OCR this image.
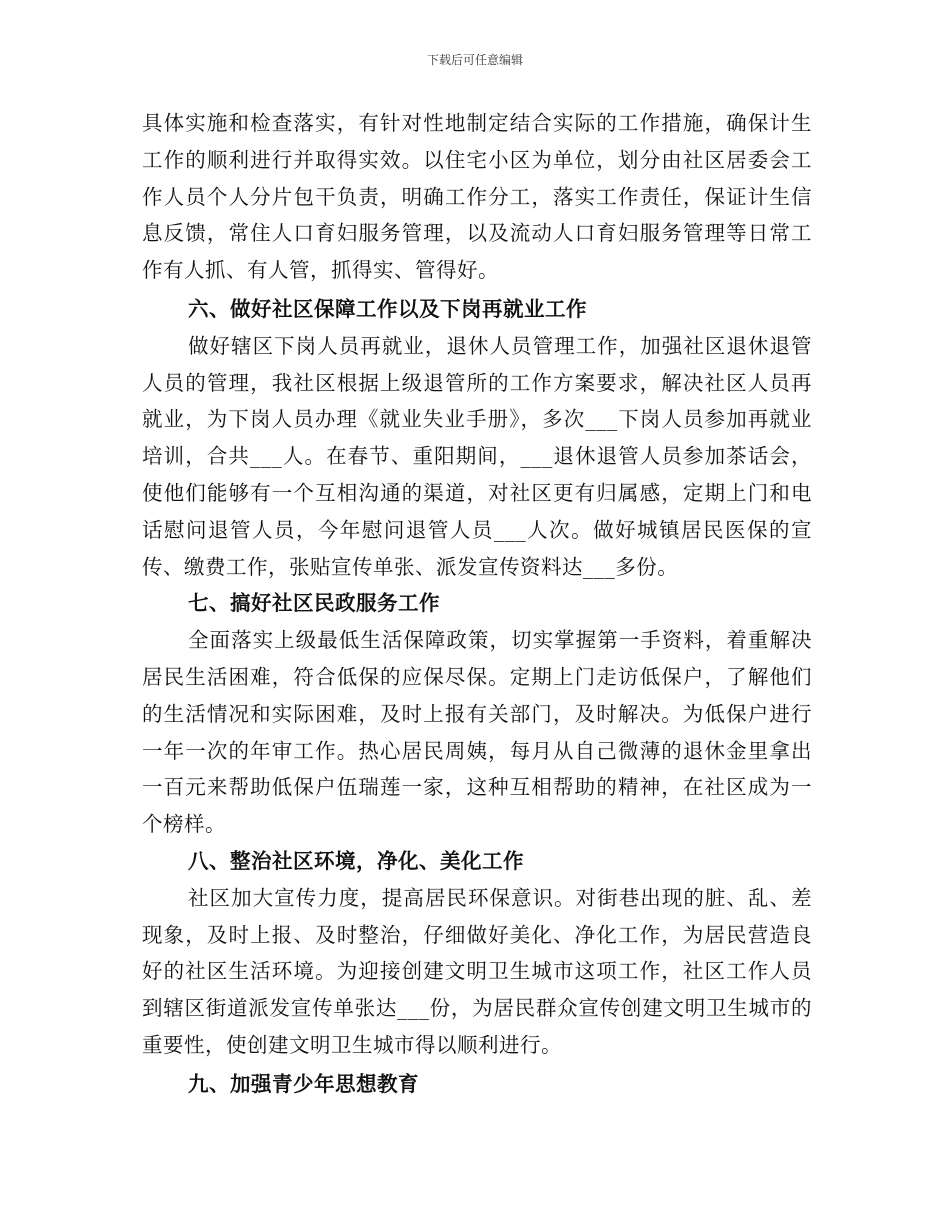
下载后可任意编辑

具体实施和检查落实，有针对性地制定结合实际的工作措施，确保计生工作的顺利进行并取得实效。以住宅小区为单位，划分由社区居委会工作人员个人分片包干负责，明确工作分工，落实工作责任，保证计生信息反馈，常住人口育妇服务管理，以及流动人口育妇服务管理等日常工作有人抓、有人管，抓得实、管得好。

六、做好社区保障工作以及下岗再就业工作

做好辖区下岗人员再就业，退休人员管理工作，加强社区退休退管人员的管理，我社区根据上级退管所的工作方案要求，解决社区人员再就业，为下岗人员办理《就业失业手册》，多次___下岗人员参加再就业培训，合共___人。在春节、重阳期间，___退休退管人员参加茶话会，使他们能够有一个互相沟通的渠道，对社区更有归属感，定期上门和电话慰问退管人员，今年慰问退管人员___人次。做好城镇居民医保的宣传、缴费工作，张贴宣传单张、派发宣传资料达___多份。

七、搞好社区民政服务工作

全面落实上级最低生活保障政策，切实掌握第一手资料，着重解决居民生活困难，符合低保的应保尽保。定期上门走访低保户，了解他们的生活情况和实际困难，及时上报有关部门，及时解决。为低保户进行一年一次的年审工作。热心居民周姨，每月从自己微薄的退休金里拿出一百元来帮助低保户伍瑞莲一家，这种互相帮助的精神，在社区成为一个榜样。

八、整治社区环境，净化、美化工作

社区加大宣传力度，提高居民环保意识。对街巷出现的脏、乱、差现象，及时上报、及时整治，仔细做好美化、净化工作，为居民营造良好的社区生活环境。为迎接创建文明卫生城市这项工作，社区工作人员到辖区街道派发宣传单张达___份，为居民群众宣传创建文明卫生城市的重要性，使创建文明卫生城市得以顺利进行。

九、加强青少年思想教育
